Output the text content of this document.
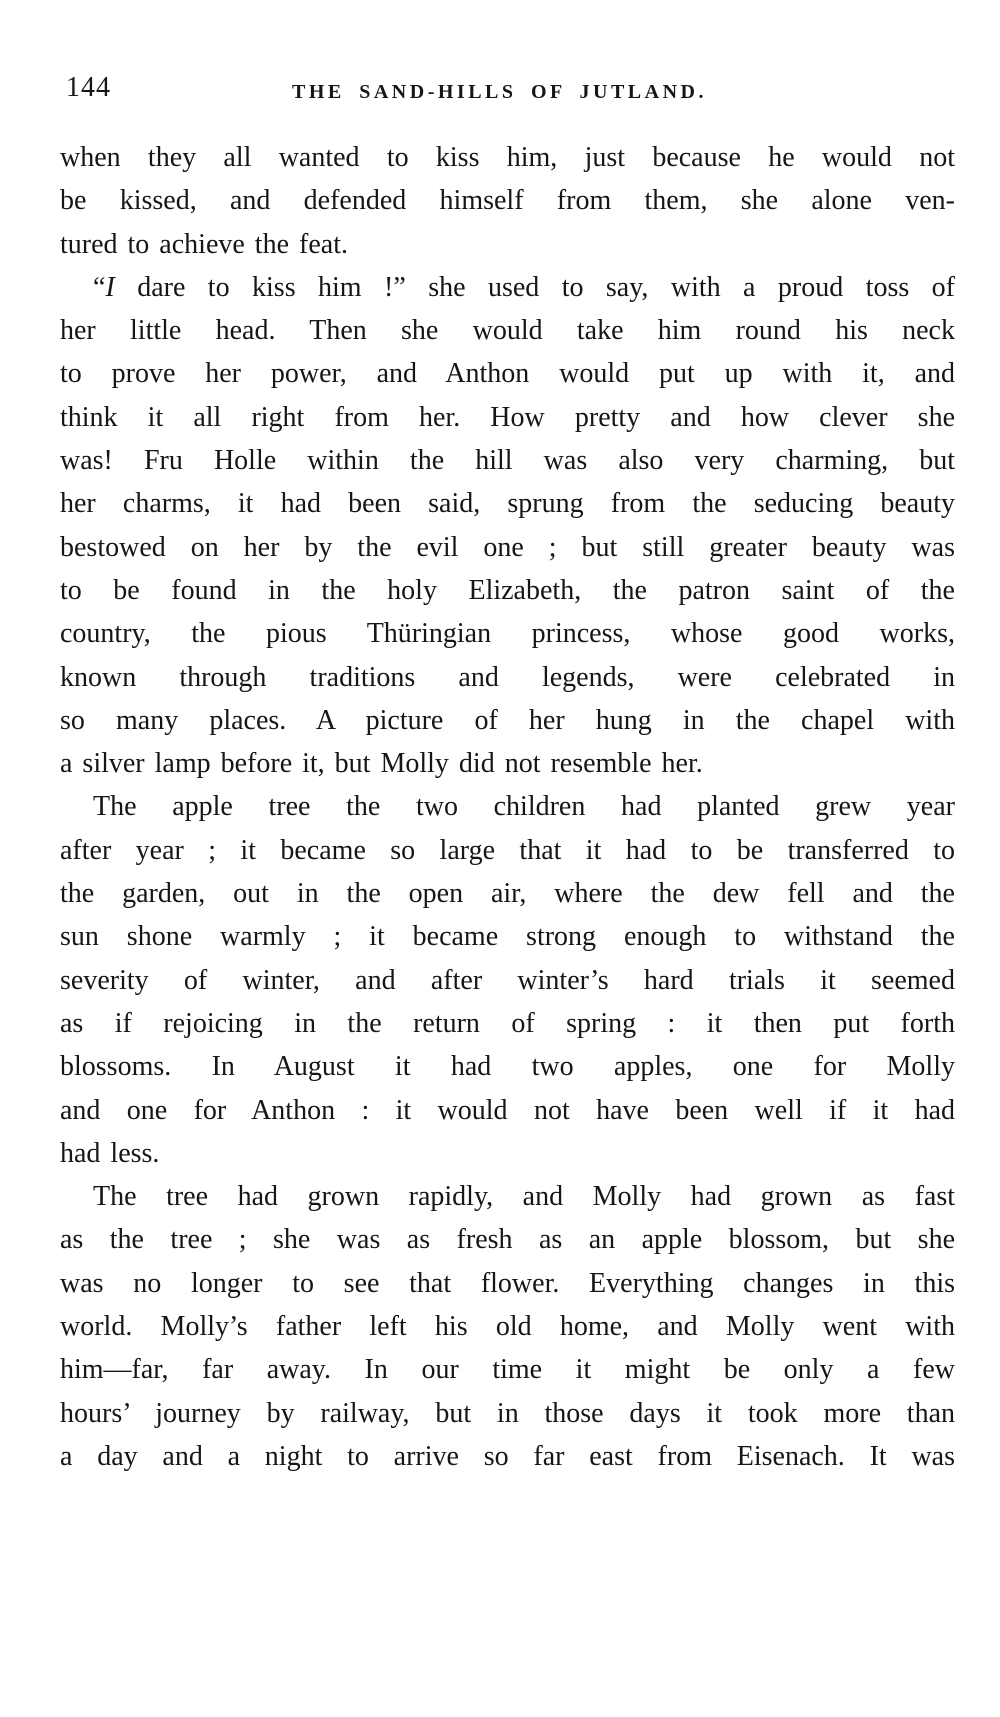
144	THE SAND-HILLS OF JUTLAND.
when they all wanted to kiss him, just because he would not
be kissed, and defended himself from them, she alone ven-
tured to achieve the feat.
“I dare to kiss him !” she used to say, with a proud toss of
her little head. Then she would take him round his neck
to prove her power, and Anthon would put up with it, and
think it all right from her. How pretty and how clever she
was! Fru Holle within the hill was also very charming, but
her charms, it had been said, sprung from the seducing beauty
bestowed on her by the evil one ; but still greater beauty was
to be found in the holy Elizabeth, the patron saint of the
country, the pious Thüringian princess, whose good works,
known through traditions and legends, were celebrated in
so many places. A picture of her hung in the chapel with
a silver lamp before it, but Molly did not resemble her.
The apple tree the two children had planted grew year
after year ; it became so large that it had to be transferred to
the garden, out in the open air, where the dew fell and the
sun shone warmly ; it became strong enough to withstand the
severity of winter, and after winter’s hard trials it seemed
as if rejoicing in the return of spring : it then put forth
blossoms. In August it had two apples, one for Molly
and one for Anthon : it would not have been well if it had
had less.
The tree had grown rapidly, and Molly had grown as fast
as the tree ; she was as fresh as an apple blossom, but she
was no longer to see that flower. Everything changes in this
world. Molly’s father left his old home, and Molly went with
him—far, far away. In our time it might be only a few
hours’ journey by railway, but in those days it took more than
a day and a night to arrive so far east from Eisenach. It was
